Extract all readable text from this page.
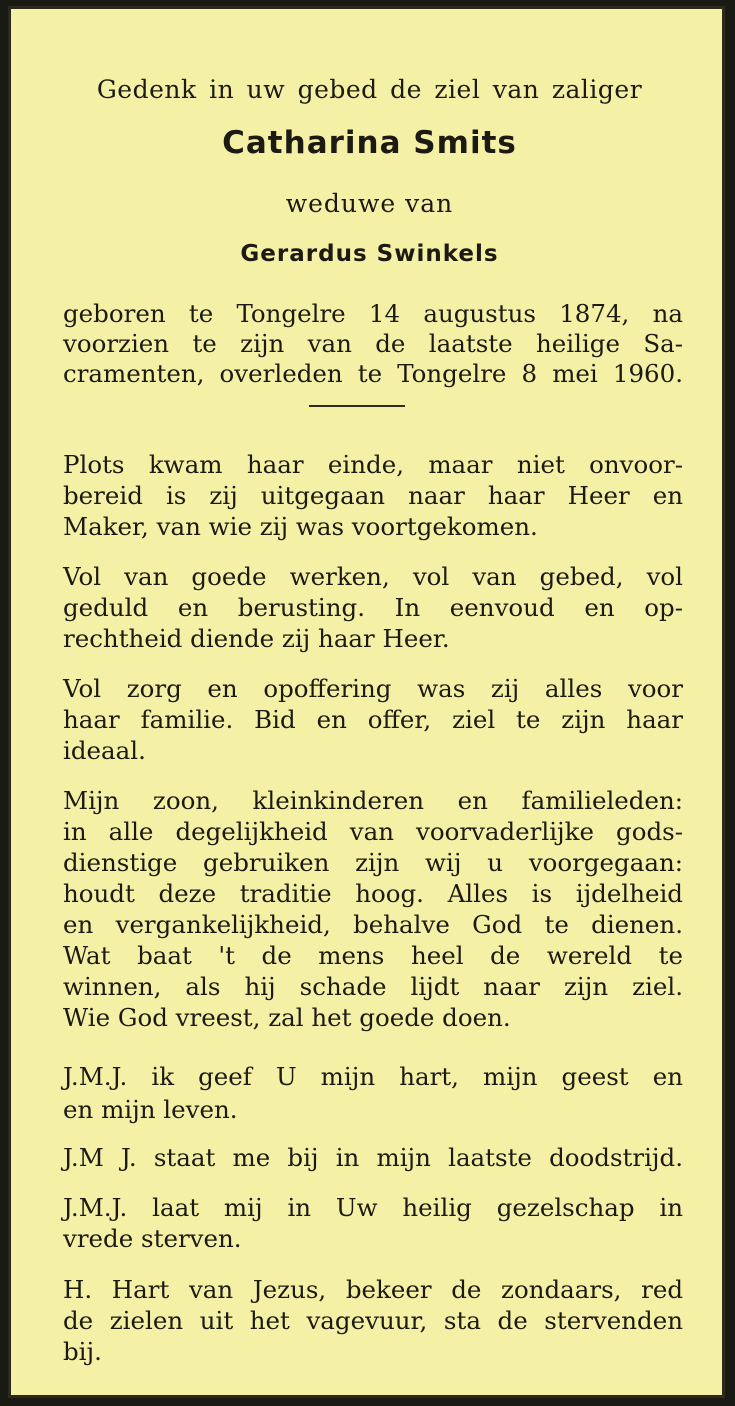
Gedenk in uw gebed de ziel van zaliger
Catharina Smits
weduwe van
Gerardus Swinkels
geboren te Tongelre 14 augustus 1874, na
voorzien te zijn van de laatste heilige Sa-
cramenten, overleden te Tongelre 8 mei 1960.
Plots kwam haar einde, maar niet onvoor-
bereid is zij uitgegaan naar haar Heer en
Maker, van wie zij was voortgekomen.
Vol van goede werken, vol van gebed, vol
geduld en berusting. In eenvoud en op-
rechtheid diende zij haar Heer.
Vol zorg en opoffering was zij alles voor
haar familie. Bid en offer, ziel te zijn haar
ideaal.
Mijn zoon, kleinkinderen en familieleden:
in alle degelijkheid van voorvaderlijke gods-
dienstige gebruiken zijn wij u voorgegaan:
houdt deze traditie hoog. Alles is ijdelheid
en vergankelijkheid, behalve God te dienen.
Wat baat 't de mens heel de wereld te
winnen, als hij schade lijdt naar zijn ziel.
Wie God vreest, zal het goede doen.
J.M.J. ik geef U mijn hart, mijn geest en
en mijn leven.
J.M J. staat me bij in mijn laatste doodstrijd.
J.M.J. laat mij in Uw heilig gezelschap in
vrede sterven.
H. Hart van Jezus, bekeer de zondaars, red
de zielen uit het vagevuur, sta de stervenden
bij.
